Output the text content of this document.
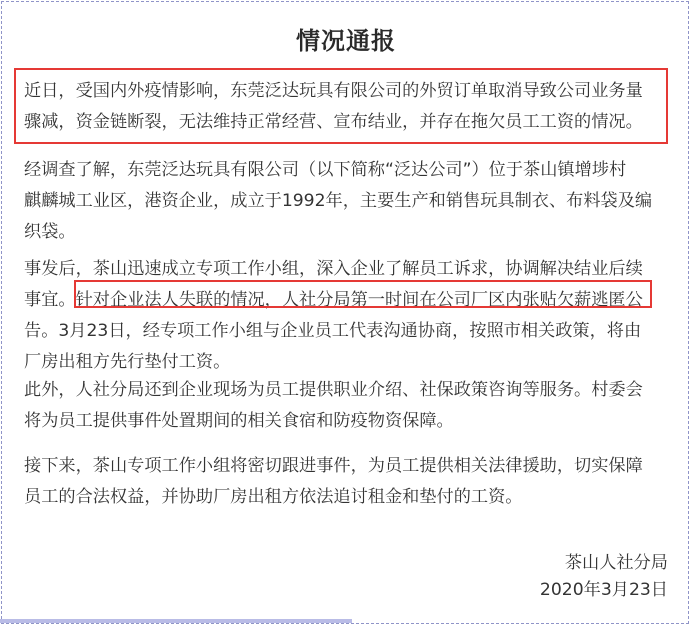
情况通报
近日，受国内外疫情影响，东莞泛达玩具有限公司的外贸订单取消导致公司业务量
骤减，资金链断裂，无法维持正常经营、宣布结业，并存在拖欠员工工资的情况。
经调查了解，东莞泛达玩具有限公司（以下简称“泛达公司”）位于茶山镇增埗村
麒麟城工业区，港资企业，成立于1992年，主要生产和销售玩具制衣、布料袋及编
织袋。
事发后，茶山迅速成立专项工作小组，深入企业了解员工诉求，协调解决结业后续
事宜。针对企业法人失联的情况，人社分局第一时间在公司厂区内张贴欠薪逃匿公
告。3月23日，经专项工作小组与企业员工代表沟通协商，按照市相关政策，将由
厂房出租方先行垫付工资。
此外，人社分局还到企业现场为员工提供职业介绍、社保政策咨询等服务。村委会
将为员工提供事件处置期间的相关食宿和防疫物资保障。
接下来，茶山专项工作小组将密切跟进事件，为员工提供相关法律援助，切实保障
员工的合法权益，并协助厂房出租方依法追讨租金和垫付的工资。
茶山人社分局
2020年3月23日
